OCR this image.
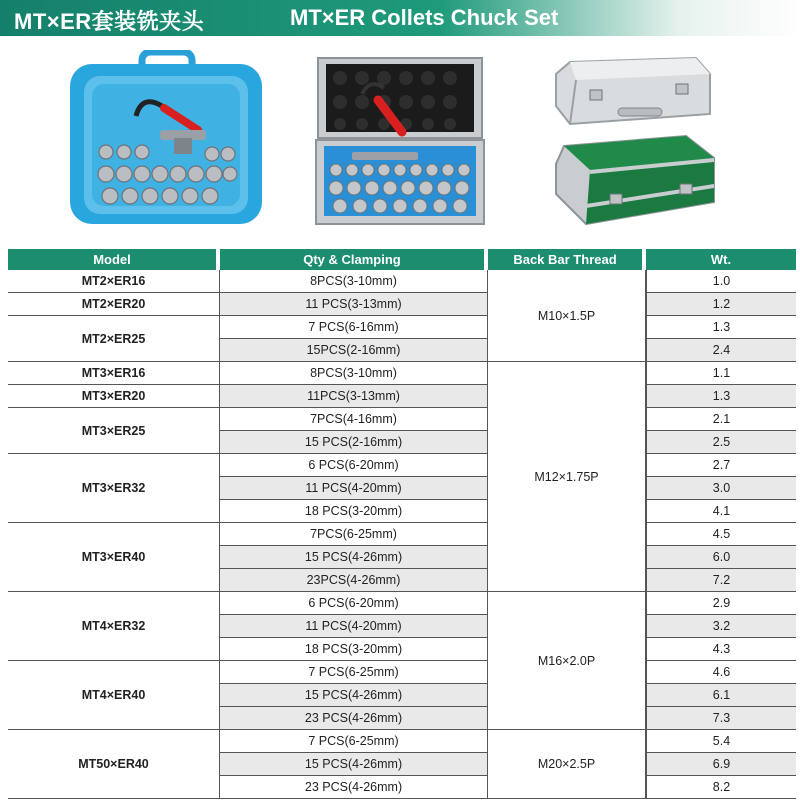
MT×ER套装铣夹头	MT×ER Collets Chuck Set
Model	Qty & Clamping	Back Bar Thread	Wt.
MT2×ER16	8PCS(3-10mm)	M10×1.5P	1.0
MT2×ER20	11 PCS(3-13mm)		1.2
MT2×ER25	7 PCS(6-16mm)		1.3
	15PCS(2-16mm)		2.4
MT3×ER16	8PCS(3-10mm)	M12×1.75P	1.1
MT3×ER20	11PCS(3-13mm)		1.3
MT3×ER25	7PCS(4-16mm)		2.1
	15 PCS(2-16mm)		2.5
MT3×ER32	6 PCS(6-20mm)		2.7
	11 PCS(4-20mm)		3.0
	18 PCS(3-20mm)		4.1
MT3×ER40	7PCS(6-25mm)		4.5
	15 PCS(4-26mm)		6.0
	23PCS(4-26mm)		7.2
MT4×ER32	6 PCS(6-20mm)	M16×2.0P	2.9
	11 PCS(4-20mm)		3.2
	18 PCS(3-20mm)		4.3
MT4×ER40	7 PCS(6-25mm)		4.6
	15 PCS(4-26mm)		6.1
	23 PCS(4-26mm)		7.3
MT50×ER40	7 PCS(6-25mm)	M20×2.5P	5.4
	15 PCS(4-26mm)		6.9
	23 PCS(4-26mm)		8.2
